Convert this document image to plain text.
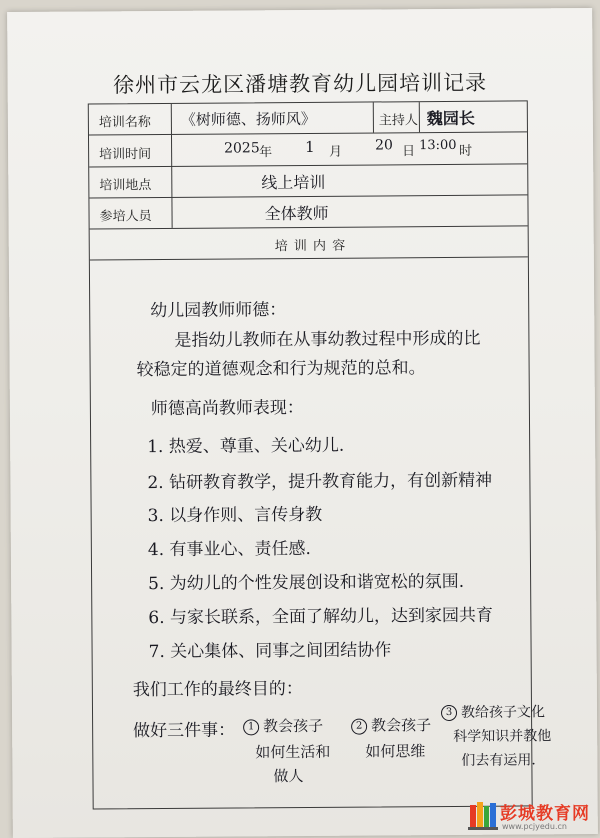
徐州市云龙区潘塘教育幼儿园培训记录
培训名称
培训时间
培训地点
参培人员
主持人
培 训 内 容
《树师德、扬师风》	魏园长
2025 年 1 月 20 日 13:00 时
线上培训
全体教师
幼儿园教师师德：
是指幼儿教师在从事幼教过程中形成的比
较稳定的道德观念和行为规范的总和。
师德高尚教师表现：
1. 热爱、尊重、关心幼儿.
2. 钻研教育教学，提升教育能力，有创新精神
3. 以身作则、言传身教
4. 有事业心、责任感.
5. 为幼儿的个性发展创设和谐宽松的氛围.
6. 与家长联系，全面了解幼儿，达到家园共育
7. 关心集体、同事之间团结协作
我们工作的最终目的：
做好三件事：	1 教会孩子
如何生活和
做人
2 教会孩子
如何思维
3 教给孩子文化
科学知识并教他
们去有运用.
彭城教育网
www.pcjyedu.cn
